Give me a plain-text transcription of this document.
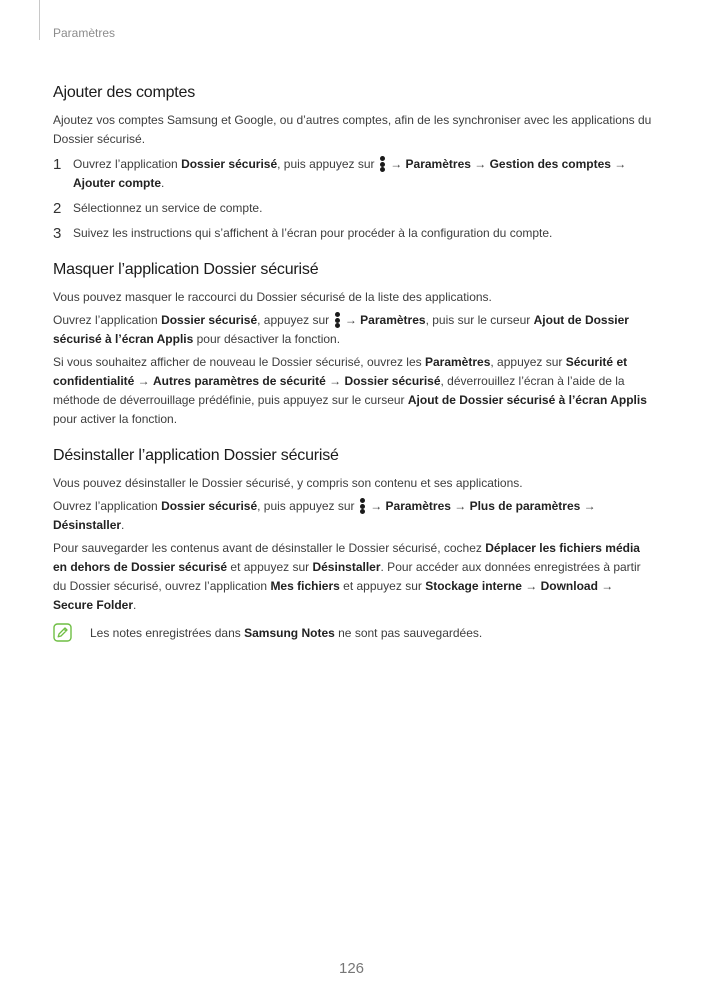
Paramètres
Ajouter des comptes

Ajoutez vos comptes Samsung et Google, ou d’autres comptes, afin de les synchroniser avec les applications du Dossier sécurisé.

1 Ouvrez l’application Dossier sécurisé, puis appuyez sur
→ Paramètres → Gestion des comptes → Ajouter compte.
2 Sélectionnez un service de compte.
3 Suivez les instructions qui s’affichent à l’écran pour procéder à la configuration du compte.
Masquer l’application Dossier sécurisé

Vous pouvez masquer le raccourci du Dossier sécurisé de la liste des applications.

Ouvrez l’application Dossier sécurisé, appuyez sur
→ Paramètres, puis sur le curseur Ajout de Dossier sécurisé à l’écran Applis pour désactiver la fonction.

Si vous souhaitez afficher de nouveau le Dossier sécurisé, ouvrez les Paramètres, appuyez sur Sécurité et confidentialité → Autres paramètres de sécurité → Dossier sécurisé, déverrouillez l’écran à l’aide de la méthode de déverrouillage prédéfinie, puis appuyez sur le curseur Ajout de Dossier sécurisé à l’écran Applis pour activer la fonction.

Désinstaller l’application Dossier sécurisé

Vous pouvez désinstaller le Dossier sécurisé, y compris son contenu et ses applications.

Ouvrez l’application Dossier sécurisé, puis appuyez sur
→ Paramètres → Plus de paramètres → Désinstaller.

Pour sauvegarder les contenus avant de désinstaller le Dossier sécurisé, cochez Déplacer les fichiers média en dehors de Dossier sécurisé et appuyez sur Désinstaller. Pour accéder aux données enregistrées à partir du Dossier sécurisé, ouvrez l’application Mes fichiers et appuyez sur Stockage interne → Download → Secure Folder.

Les notes enregistrées dans Samsung Notes ne sont pas sauvegardées.

126
